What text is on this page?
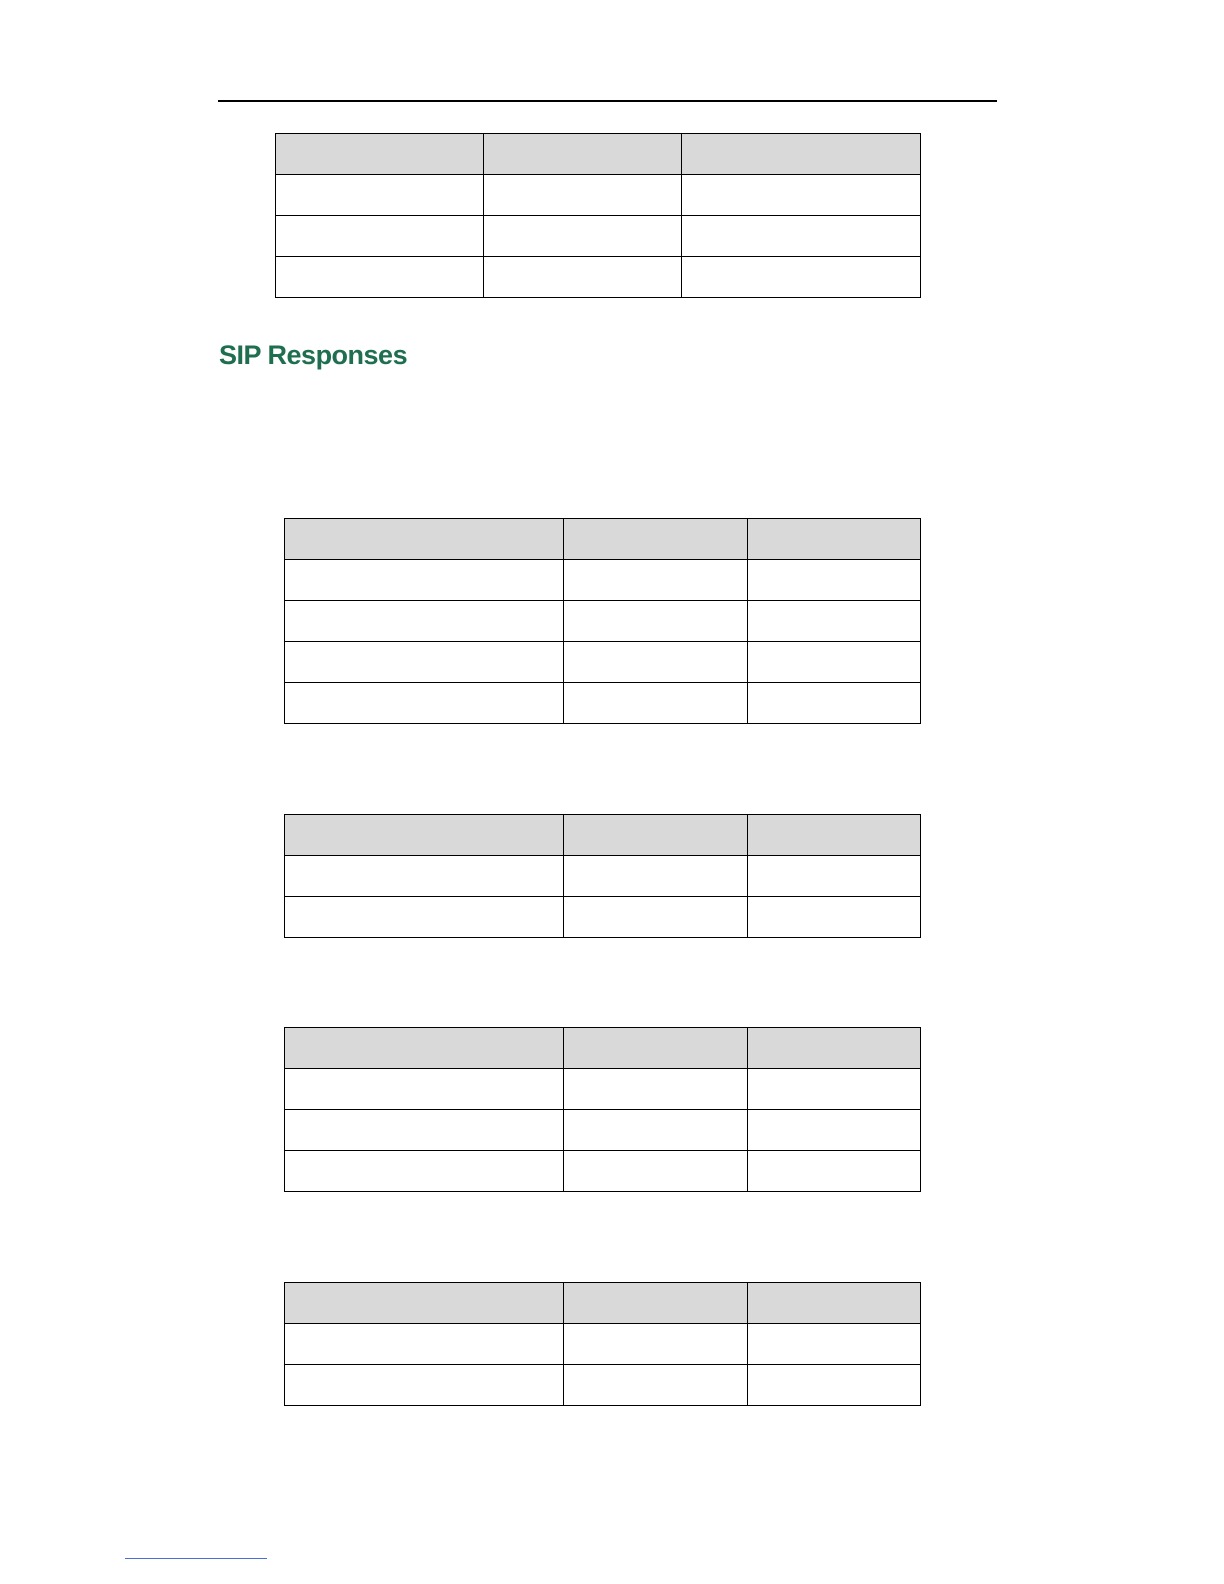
SIP Responses
